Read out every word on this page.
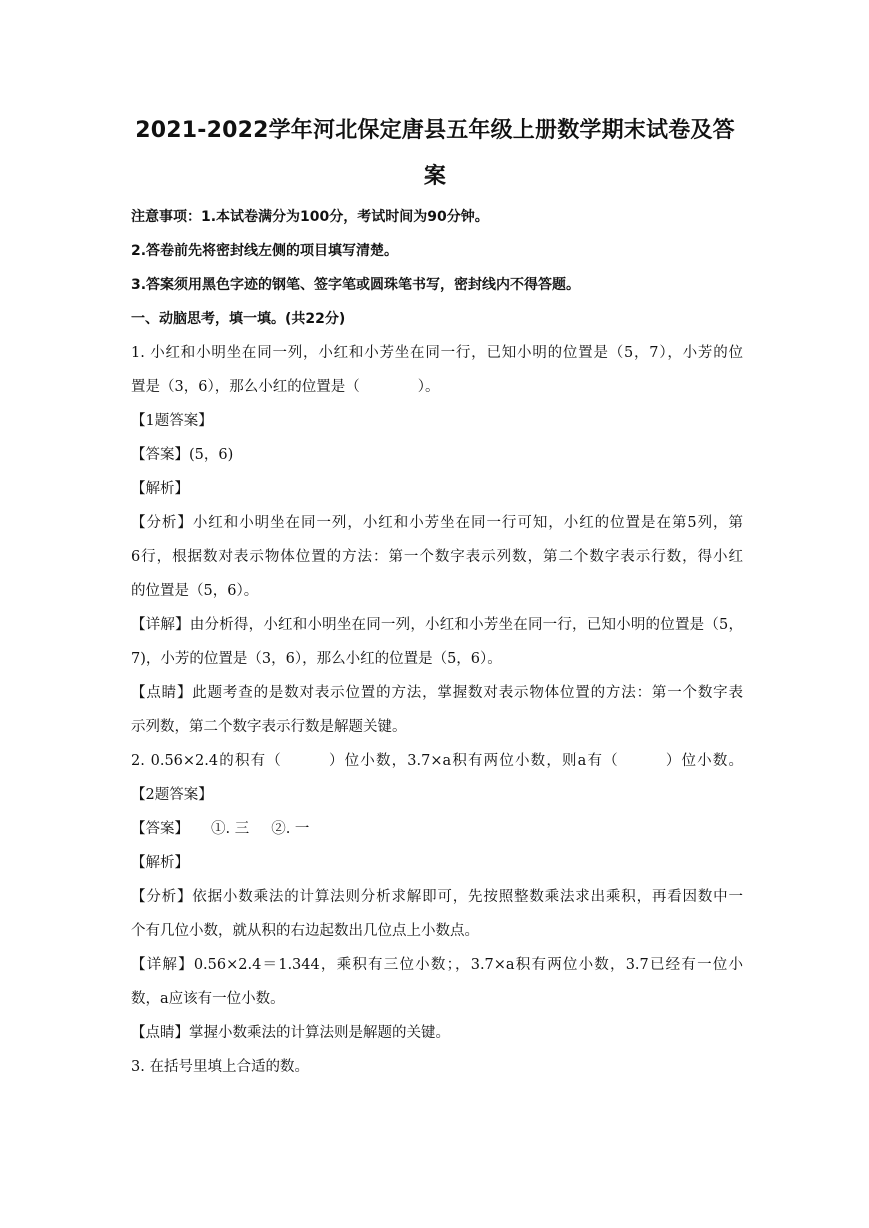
2021-2022学年河北保定唐县五年级上册数学期末试卷及答
案
注意事项：1.本试卷满分为100分，考试时间为90分钟。
2.答卷前先将密封线左侧的项目填写清楚。
3.答案须用黑色字迹的钢笔、签字笔或圆珠笔书写，密封线内不得答题。
一、动脑思考，填一填。(共22分)
1. 小红和小明坐在同一列，小红和小芳坐在同一行，已知小明的位置是（5，7），小芳的位
置是（3，6），那么小红的位置是（　　　　）。
【1题答案】
【答案】(5，6)
【解析】
【分析】小红和小明坐在同一列，小红和小芳坐在同一行可知，小红的位置是在第5列，第
6行，根据数对表示物体位置的方法：第一个数字表示列数，第二个数字表示行数，得小红
的位置是（5，6）。
【详解】由分析得，小红和小明坐在同一列，小红和小芳坐在同一行，已知小明的位置是（5，
7)，小芳的位置是（3，6），那么小红的位置是（5，6）。
【点睛】此题考查的是数对表示位置的方法，掌握数对表示物体位置的方法：第一个数字表
示列数，第二个数字表示行数是解题关键。
2. 0.56×2.4的积有（　　　）位小数，3.7×a积有两位小数，则a有（　　　）位小数。
【2题答案】
【答案】 ①. 三 ②. 一
【解析】
【分析】依据小数乘法的计算法则分析求解即可，先按照整数乘法求出乘积，再看因数中一
个有几位小数，就从积的右边起数出几位点上小数点。
【详解】0.56×2.4＝1.344，乘积有三位小数；，3.7×a积有两位小数，3.7已经有一位小
数，a应该有一位小数。
【点睛】掌握小数乘法的计算法则是解题的关键。
3. 在括号里填上合适的数。
